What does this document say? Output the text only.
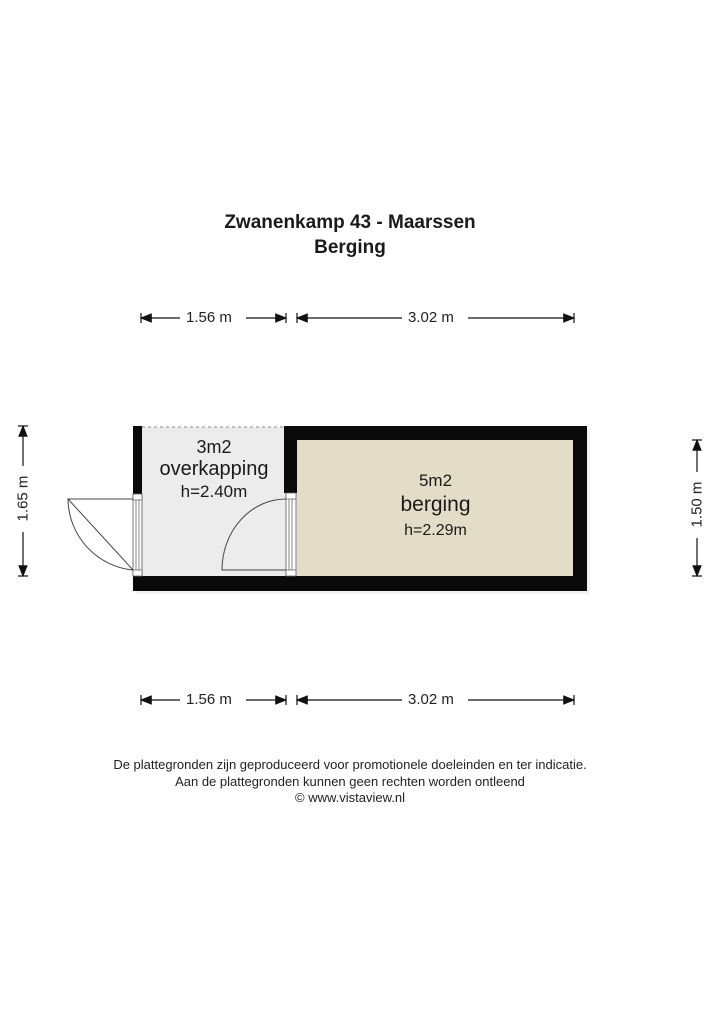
Zwanenkamp 43 - Maarssen
Berging
1.56 m	3.02 m
1.56 m	3.02 m
1.65 m	1.50 m
3m2
overkapping
h=2.40m
5m2
berging
h=2.29m
De plattegronden zijn geproduceerd voor promotionele doeleinden en ter indicatie.
Aan de plattegronden kunnen geen rechten worden ontleend
© www.vistaview.nl
